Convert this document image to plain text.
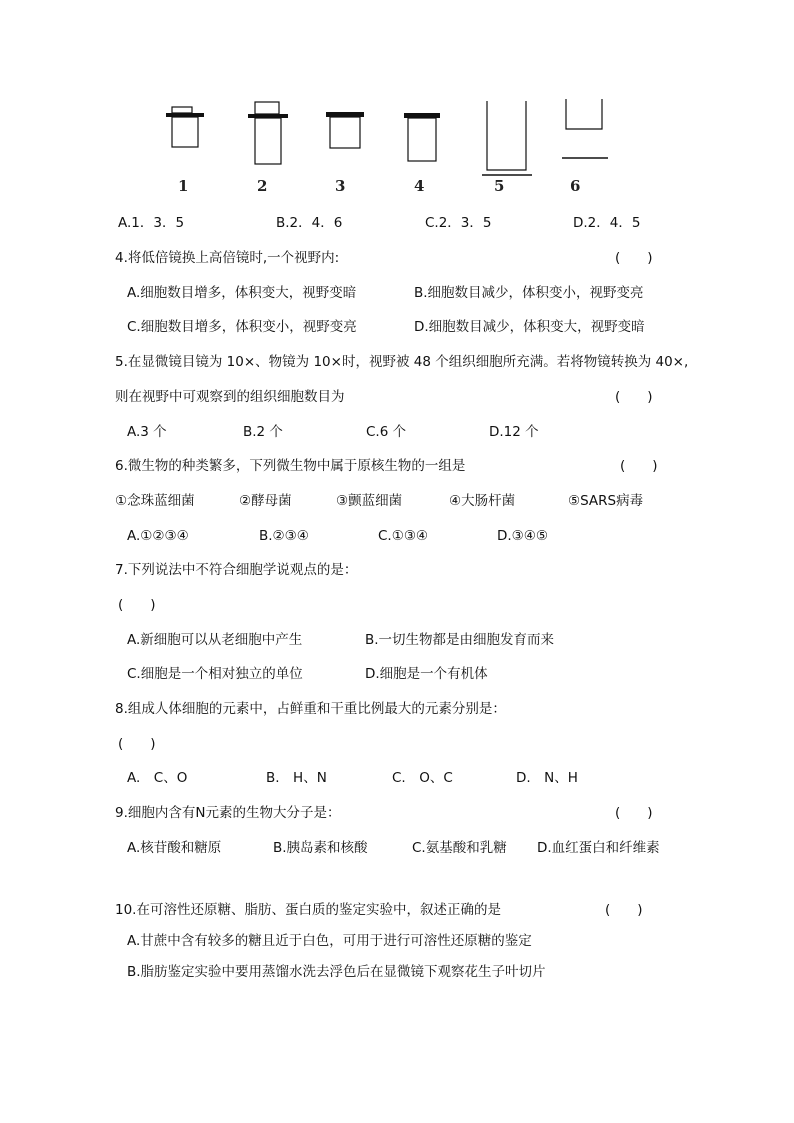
1	2	3	4	5	6
A.1．3．5	B.2．4．6	C.2．3．5	D.2．4．5
4.将低倍镜换上高倍镜时,一个视野内:	(　　)
A.细胞数目增多，体积变大，视野变暗	B.细胞数目减少，体积变小，视野变亮
C.细胞数目增多，体积变小，视野变亮	D.细胞数目减少，体积变大，视野变暗
5.在显微镜目镜为 10×、物镜为 10×时，视野被 48 个组织细胞所充满。若将物镜转换为 40×,
则在视野中可观察到的组织细胞数目为	(　　)
A.3 个	B.2 个	C.6 个	D.12 个
6.微生物的种类繁多，下列微生物中属于原核生物的一组是	(　　)
①念珠蓝细菌	②酵母菌	③颤蓝细菌	④大肠杆菌	⑤SARS病毒
A.①②③④	B.②③④	C.①③④	D.③④⑤
7.下列说法中不符合细胞学说观点的是：
(　　)
A.新细胞可以从老细胞中产生	B.一切生物都是由细胞发育而来
C.细胞是一个相对独立的单位	D.细胞是一个有机体
8.组成人体细胞的元素中，占鲜重和干重比例最大的元素分别是：
(　　)
A.　C、O	B.　H、N	C.　O、C	D.　N、H
9.细胞内含有N元素的生物大分子是：	(　　)
A.核苷酸和糖原	B.胰岛素和核酸	C.氨基酸和乳糖 D.血红蛋白和纤维素
10.在可溶性还原糖、脂肪、蛋白质的鉴定实验中，叙述正确的是	(　　)
A.甘蔗中含有较多的糖且近于白色，可用于进行可溶性还原糖的鉴定
B.脂肪鉴定实验中要用蒸馏水洗去浮色后在显微镜下观察花生子叶切片
